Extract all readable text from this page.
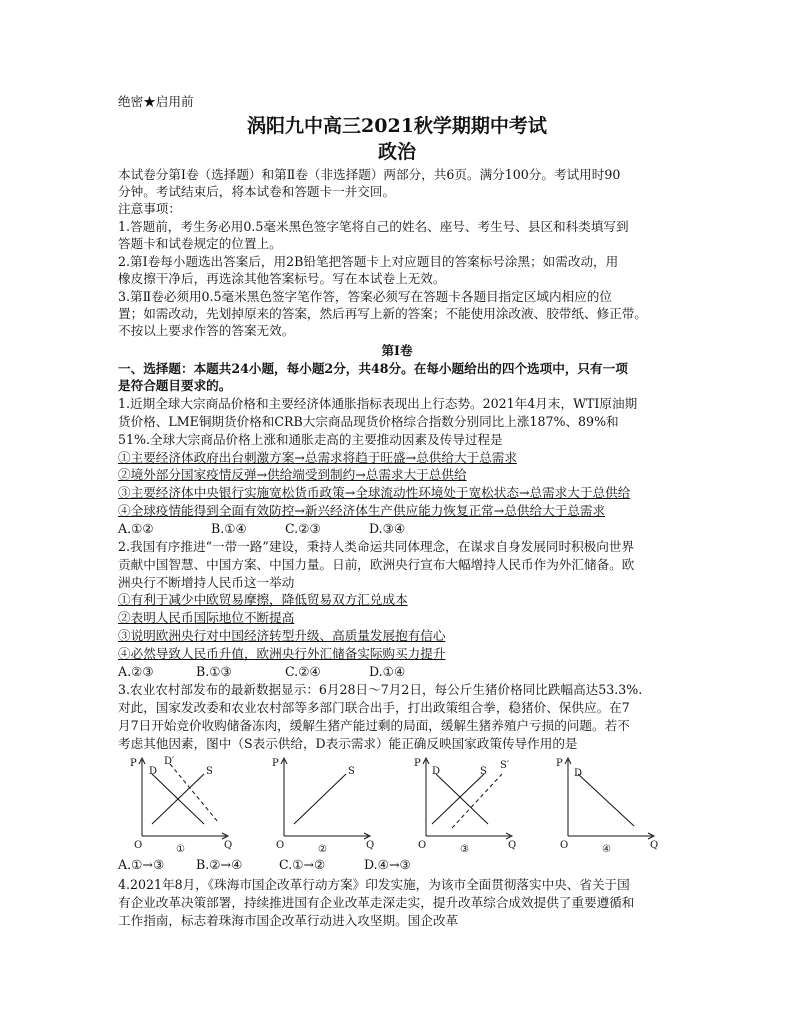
绝密★启用前
涡阳九中高三2021秋学期期中考试
政治
本试卷分第Ⅰ卷（选择题）和第Ⅱ卷（非选择题）两部分，共6页。满分100分。考试用时90
分钟。考试结束后，将本试卷和答题卡一并交回。
注意事项：
1.答题前，考生务必用0.5毫米黑色签字笔将自己的姓名、座号、考生号、县区和科类填写到
答题卡和试卷规定的位置上。
2.第Ⅰ卷每小题选出答案后，用2B铅笔把答题卡上对应题目的答案标号涂黑；如需改动，用
橡皮擦干净后，再选涂其他答案标号。写在本试卷上无效。
3.第Ⅱ卷必须用0.5毫米黑色签字笔作答，答案必须写在答题卡各题目指定区域内相应的位
置；如需改动，先划掉原来的答案，然后再写上新的答案；不能使用涂改液、胶带纸、修正带。
不按以上要求作答的答案无效。
第Ⅰ卷
一、选择题：本题共24小题，每小题2分，共48分。在每小题给出的四个选项中，只有一项
是符合题目要求的。
1.近期全球大宗商品价格和主要经济体通胀指标表现出上行态势。2021年4月末，WTI原油期
货价格、LME铜期货价格和CRB大宗商品现货价格综合指数分别同比上涨187%、89%和
51%.全球大宗商品价格上涨和通胀走高的主要推动因素及传导过程是
①主要经济体政府出台刺激方案→总需求将趋于旺盛→总供给大于总需求
②境外部分国家疫情反弹→供给端受到制约→总需求大于总供给
③主要经济体中央银行实施宽松货币政策→全球流动性环境处于宽松状态→总需求大于总供给
④全球疫情能得到全面有效防控→新兴经济体生产供应能力恢复正常→总供给大于总需求
A.①②	B.①④	C.②③	D.③④
2.我国有序推进“一带一路”建设，秉持人类命运共同体理念，在谋求自身发展同时积极向世界
贡献中国智慧、中国方案、中国力量。日前，欧洲央行宣布大幅增持人民币作为外汇储备。欧
洲央行不断增持人民币这一举动
①有利于减少中欧贸易摩擦，降低贸易双方汇兑成本
②表明人民币国际地位不断提高
③说明欧洲央行对中国经济转型升级、高质量发展抱有信心
④必然导致人民币升值，欧洲央行外汇储备实际购买力提升
A.②③	B.①③	C.②④	D.①④
3.农业农村部发布的最新数据显示：6月28日～7月2日，每公斤生猪价格同比跌幅高达53.3%.
对此，国家发改委和农业农村部等多部门联合出手，打出政策组合拳，稳猪价、保供应。在7
月7日开始竞价收购储备冻肉，缓解生猪产能过剩的局面，缓解生猪养殖户亏损的问题。若不
考虑其他因素，图中（S表示供给，D表示需求）能正确反映国家政策传导作用的是
P
D
D′
S
O	Q
①
P
S
O	Q
②
P
D	S
S′
O	Q
③
P
D
O	Q
④
A.①→③	B.②→④	C.①→②	D.④→③
4.2021年8月，《珠海市国企改革行动方案》印发实施，为该市全面贯彻落实中央、省关于国
有企业改革决策部署，持续推进国有企业改革走深走实，提升改革综合成效提供了重要遵循和
工作指南，标志着珠海市国企改革行动进入攻坚期。国企改革
